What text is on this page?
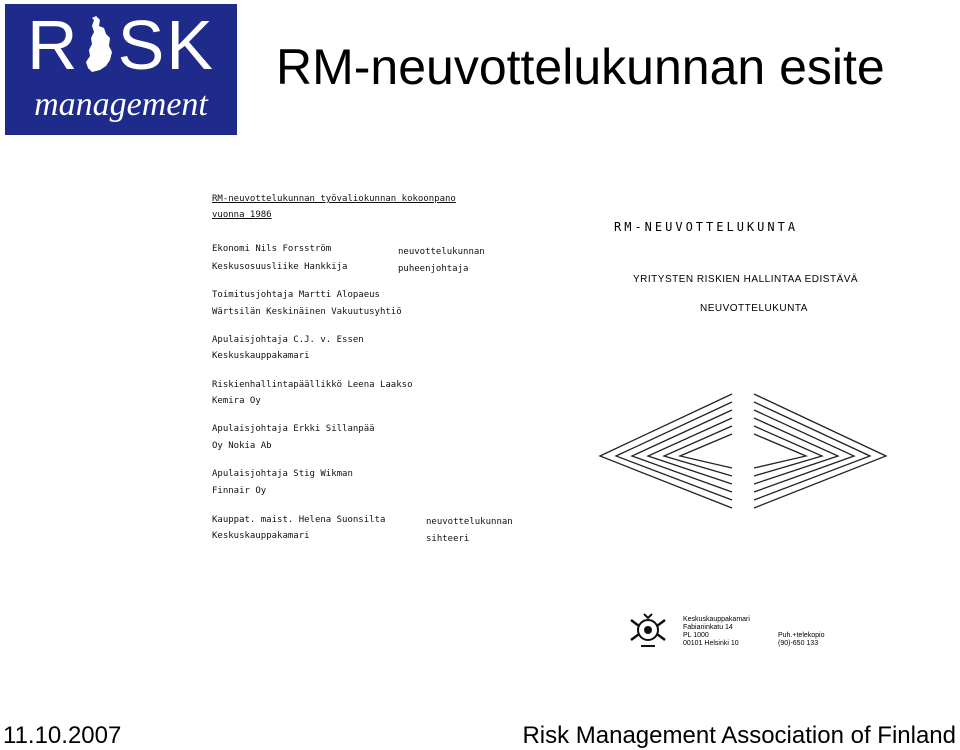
R SK
management
RM-neuvottelukunnan esite
RM-neuvottelukunnan työvaliokunnan kokoonpano
vuonna 1986
Ekonomi Nils Forsström
Keskusosuusliike Hankkija
neuvottelukunnan
puheenjohtaja
Toimitusjohtaja Martti Alopaeus
Wärtsilän Keskinäinen Vakuutusyhtiö
Apulaisjohtaja C.J. v. Essen
Keskuskauppakamari
Riskienhallintapäällikkö Leena Laakso
Kemira Oy
Apulaisjohtaja Erkki Sillanpää
Oy Nokia Ab
Apulaisjohtaja Stig Wikman
Finnair Oy
Kauppat. maist. Helena Suonsilta
Keskuskauppakamari
neuvottelukunnan
sihteeri
RM-NEUVOTTELUKUNTA
YRITYSTEN RISKIEN HALLINTAA EDISTÄVÄ
NEUVOTTELUKUNTA
Keskuskauppakamari
Fabianinkatu 14
PL 1000
00101 Helsinki 10
Puh.+telekopio
(90)-650 133
11.10.2007	Risk Management Association of Finland
